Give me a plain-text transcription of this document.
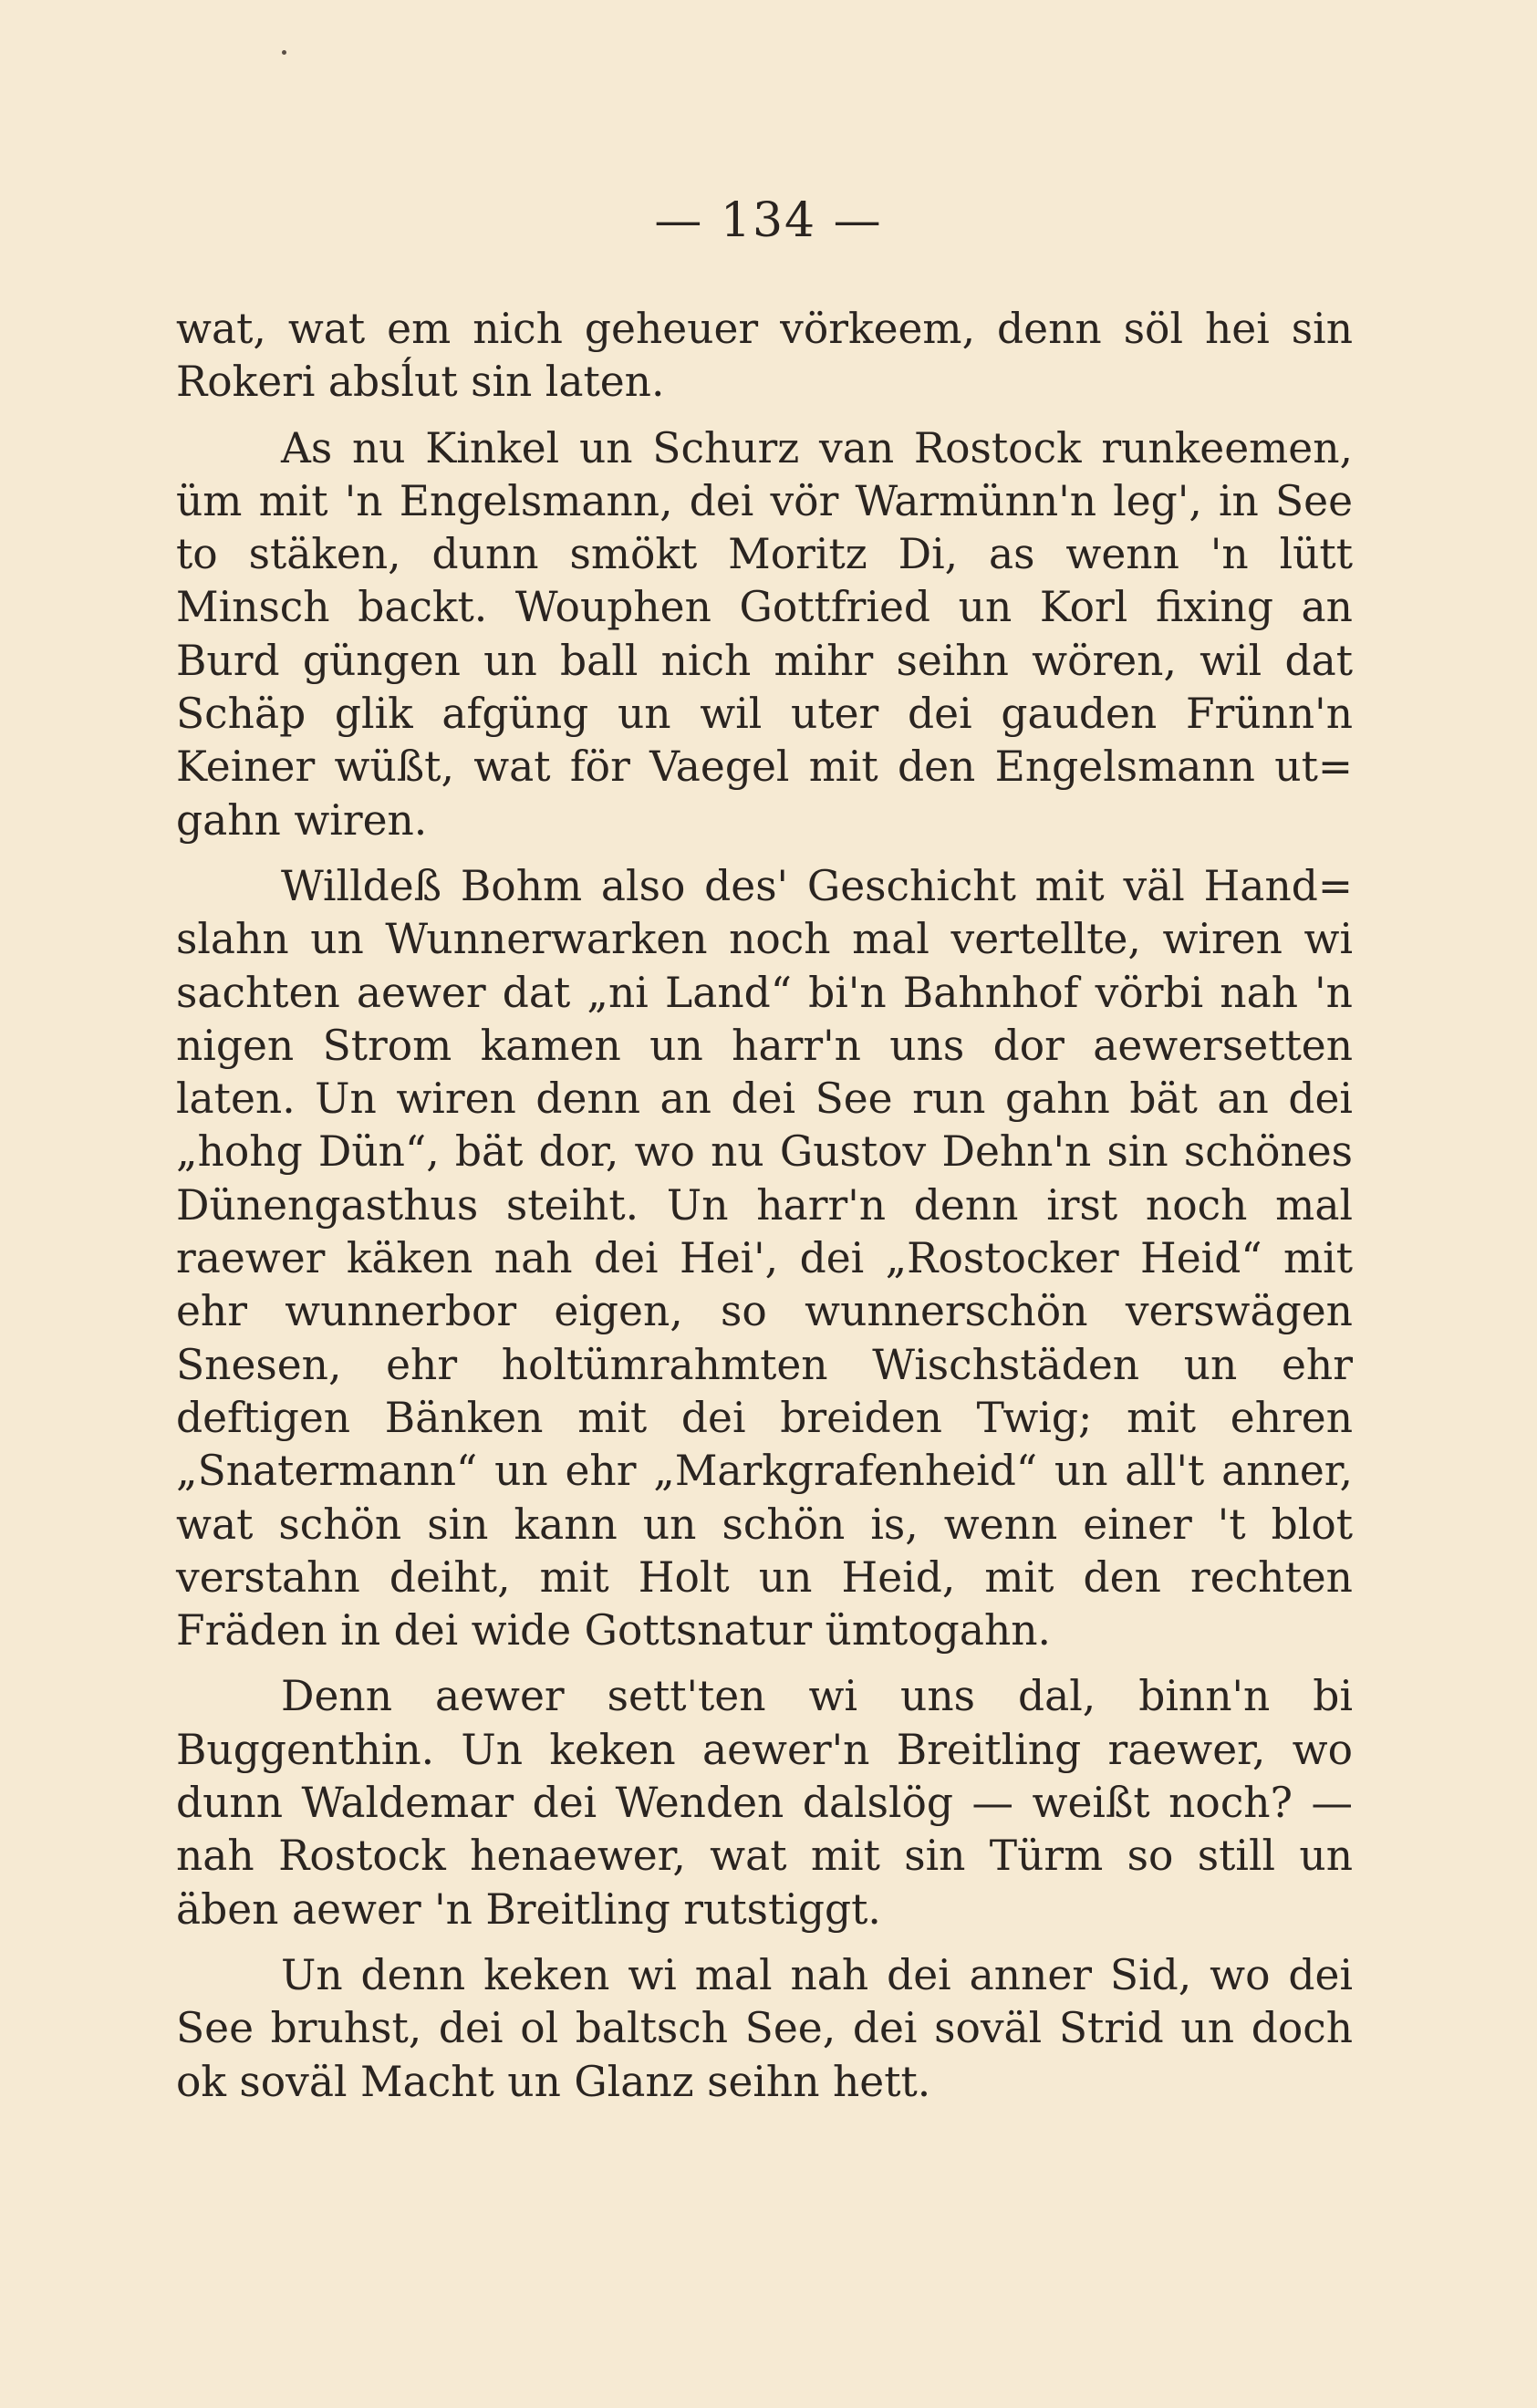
— 134 —

wat, wat em nich geheuer vörkeem, denn söl hei sin Rokeri absĺut sin laten.

As nu Kinkel un Schurz van Rostock runkeemen, üm mit 'n Engelsmann, dei vör Warmünn'n leg', in See to stäken, dunn smökt Moritz Di, as wenn 'n lütt Minsch backt. Wouphen Gottfried un Korl fixing an Burd güngen un ball nich mihr seihn wören, wil dat Schäp glik afgüng un wil uter dei gauden Frünn'n Keiner wüßt, wat för Vaegel mit den Engelsmann ut= gahn wiren.

Willdeß Bohm also des' Geschicht mit väl Hand= slahn un Wunnerwarken noch mal vertellte, wiren wi sachten aewer dat „ni Land“ bi'n Bahnhof vörbi nah 'n nigen Strom kamen un harr'n uns dor aewersetten laten. Un wiren denn an dei See run gahn bät an dei „hohg Dün“, bät dor, wo nu Gustov Dehn'n sin schönes Dünengasthus steiht. Un harr'n denn irst noch mal raewer käken nah dei Hei', dei „Rostocker Heid“ mit ehr wunnerbor eigen, so wunnerschön verswägen Snesen, ehr holtümrahmten Wischstäden un ehr deftigen Bänken mit dei breiden Twig; mit ehren „Snatermann“ un ehr „Markgrafenheid“ un all't anner, wat schön sin kann un schön is, wenn einer 't blot verstahn deiht, mit Holt un Heid, mit den rechten Fräden in dei wide Gottsnatur ümtogahn.

Denn aewer sett'ten wi uns dal, binn'n bi Buggenthin. Un keken aewer'n Breitling raewer, wo dunn Waldemar dei Wenden dalslög — weißt noch? — nah Rostock henaewer, wat mit sin Türm so still un äben aewer 'n Breitling rutstiggt.

Un denn keken wi mal nah dei anner Sid, wo dei See bruhst, dei ol baltsch See, dei soväl Strid un doch ok soväl Macht un Glanz seihn hett.
